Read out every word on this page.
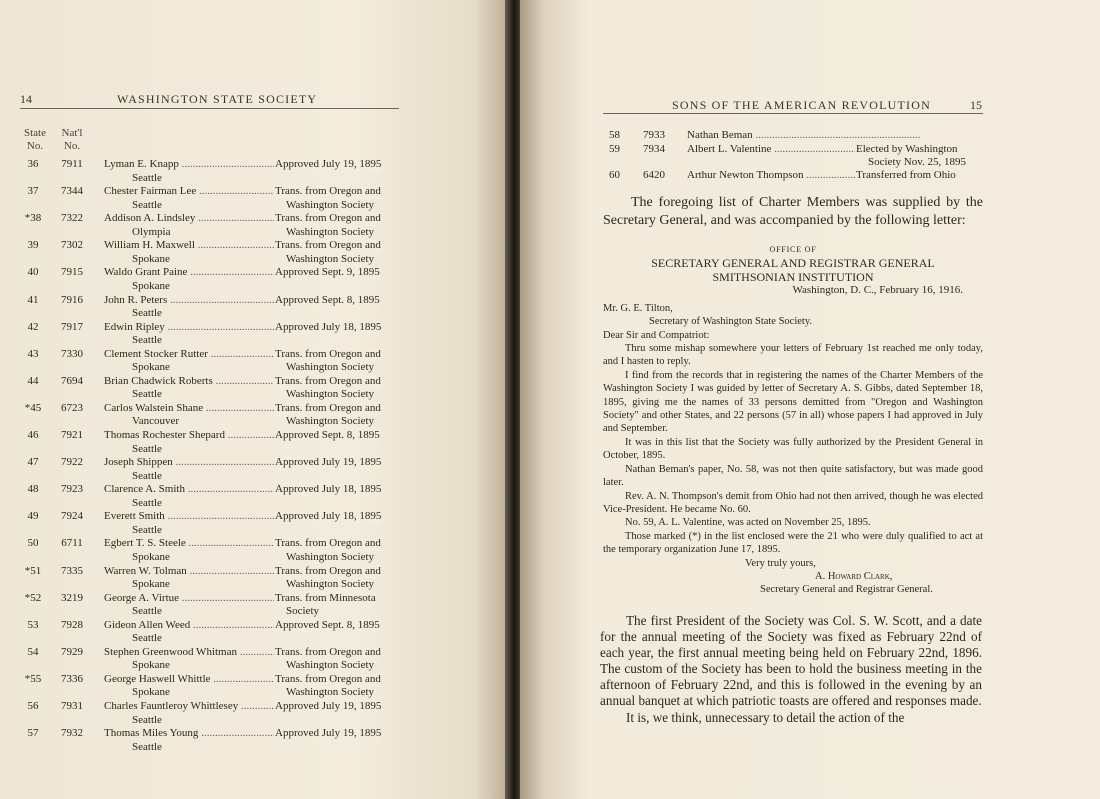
14	WASHINGTON STATE SOCIETY
State
No.
Nat'l
No.
36	7911	Lyman E. Knapp .....	Approved July 19, 1895
Seattle
37	7344	Chester Fairman Lee .....	Trans. from Oregon and
Seattle	Washington Society
*38	7322	Addison A. Lindsley .....	Trans. from Oregon and
Olympia	Washington Society
39	7302	William H. Maxwell .....	Trans. from Oregon and
Spokane	Washington Society
40	7915	Waldo Grant Paine .....	Approved Sept. 9, 1895
Spokane
41	7916	John R. Peters .....	Approved Sept. 8, 1895
Seattle
42	7917	Edwin Ripley .....	Approved July 18, 1895
Seattle
43	7330	Clement Stocker Rutter .....	Trans. from Oregon and
Spokane	Washington Society
44	7694	Brian Chadwick Roberts .....	Trans. from Oregon and
Seattle	Washington Society
*45	6723	Carlos Walstein Shane .....	Trans. from Oregon and
Vancouver	Washington Society
46	7921	Thomas Rochester Shepard .....	Approved Sept. 8, 1895
Seattle
47	7922	Joseph Shippen .....	Approved July 19, 1895
Seattle
48	7923	Clarence A. Smith .....	Approved July 18, 1895
Seattle
49	7924	Everett Smith .....	Approved July 18, 1895
Seattle
50	6711	Egbert T. S. Steele .....	Trans. from Oregon and
Spokane	Washington Society
*51	7335	Warren W. Tolman .....	Trans. from Oregon and
Spokane	Washington Society
*52	3219	George A. Virtue .....	Trans. from Minnesota
Seattle	Society
53	7928	Gideon Allen Weed .....	Approved Sept. 8, 1895
Seattle
54	7929	Stephen Greenwood Whitman .....	Trans. from Oregon and
Spokane	Washington Society
*55	7336	George Haswell Whittle .....	Trans. from Oregon and
Spokane	Washington Society
56	7931	Charles Fauntleroy Whittlesey .....	Approved July 19, 1895
Seattle
57	7932	Thomas Miles Young .....	Approved July 19, 1895
Seattle
SONS OF THE AMERICAN REVOLUTION	15
58 7933 Nathan Beman .....
59 7934 Albert L. Valentine .....	Elected by Washington
Society Nov. 25, 1895
60 6420 Arthur Newton Thompson .....	Transferred from Ohio
The foregoing list of Charter Members was supplied by the Secretary General, and was accompanied by the following letter:

OFFICE OF

SECRETARY GENERAL AND REGISTRAR GENERAL

SMITHSONIAN INSTITUTION

Washington, D. C., February 16, 1916.

Mr. G. E. Tilton,

Secretary of Washington State Society.

Dear Sir and Compatriot:

Thru some mishap somewhere your letters of February 1st reached me only today, and I hasten to reply.

I find from the records that in registering the names of the Charter Members of the Washington Society I was guided by letter of Secretary A. S. Gibbs, dated September 18, 1895, giving me the names of 33 persons demitted from "Oregon and Washington Society" and other States, and 22 persons (57 in all) whose papers I had approved in July and September.

It was in this list that the Society was fully authorized by the President General in October, 1895.

Nathan Beman's paper, No. 58, was not then quite satisfactory, but was made good later.

Rev. A. N. Thompson's demit from Ohio had not then arrived, though he was elected Vice-President. He became No. 60.

No. 59, A. L. Valentine, was acted on November 25, 1895.

Those marked (*) in the list enclosed were the 21 who were duly qualified to act at the temporary organization June 17, 1895.

Very truly yours,

A. Howard Clark,

Secretary General and Registrar General.

The first President of the Society was Col. S. W. Scott, and a date for the annual meeting of the Society was fixed as February 22nd of each year, the first annual meeting being held on February 22nd, 1896. The custom of the Society has been to hold the business meeting in the afternoon of February 22nd, and this is followed in the evening by an annual banquet at which patriotic toasts are offered and responses made.

It is, we think, unnecessary to detail the action of the
